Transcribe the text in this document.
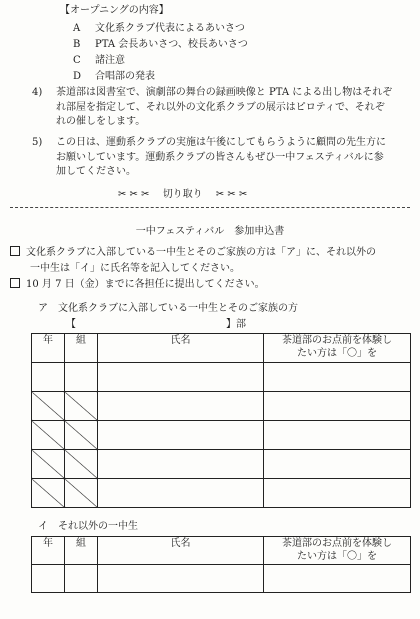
【オープニングの内容】
A 文化系クラブ代表によるあいさつ
B PTA 会長あいさつ、校長あいさつ
C 諸注意
D 合唱部の発表
4) 茶道部は図書室で、演劇部の舞台の録画映像と PTA による出し物はそれぞ
れ部屋を指定して、それ以外の文化系クラブの展示はピロティで、それぞ
れの催しをします。
5) この日は、運動系クラブの実施は午後にしてもらうように顧問の先生方に
お願いしています。運動系クラブの皆さんもぜひ一中フェスティバルに参
加してください。
✂ ✂ ✂ 切り取り ✂ ✂ ✂
一中フェスティバル　参加申込書
文化系クラブに入部している一中生とそのご家族の方は「ア」に、それ以外の
一中生は「イ」に氏名等を記入してください。
10 月 7 日（金）までに各担任に提出してください。
ア　文化系クラブに入部している一中生とそのご家族の方
【	】部
年	組	氏名	茶道部のお点前を体験し
たい方は「〇」を

イ　それ以外の一中生
年	組	氏名	茶道部のお点前を体験し
たい方は「〇」を
